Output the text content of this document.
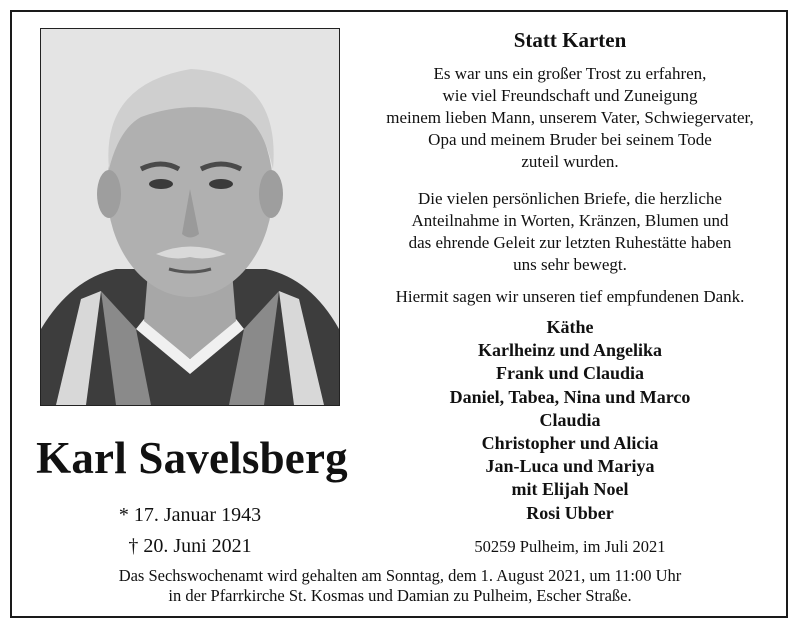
Karl Savelsberg
* 17. Januar 1943
† 20. Juni 2021
Statt Karten
Es war uns ein großer Trost zu erfahren,
wie viel Freundschaft und Zuneigung
meinem lieben Mann, unserem Vater, Schwiegervater,
Opa und meinem Bruder bei seinem Tode
zuteil wurden.
Die vielen persönlichen Briefe, die herzliche
Anteilnahme in Worten, Kränzen, Blumen und
das ehrende Geleit zur letzten Ruhestätte haben
uns sehr bewegt.
Hiermit sagen wir unseren tief empfundenen Dank.
Käthe
Karlheinz und Angelika
Frank und Claudia
Daniel, Tabea, Nina und Marco
Claudia
Christopher und Alicia
Jan-Luca und Mariya
mit Elijah Noel
Rosi Ubber
50259 Pulheim, im Juli 2021
Das Sechswochenamt wird gehalten am Sonntag, dem 1. August 2021, um 11:00 Uhr
in der Pfarrkirche St. Kosmas und Damian zu Pulheim, Escher Straße.
